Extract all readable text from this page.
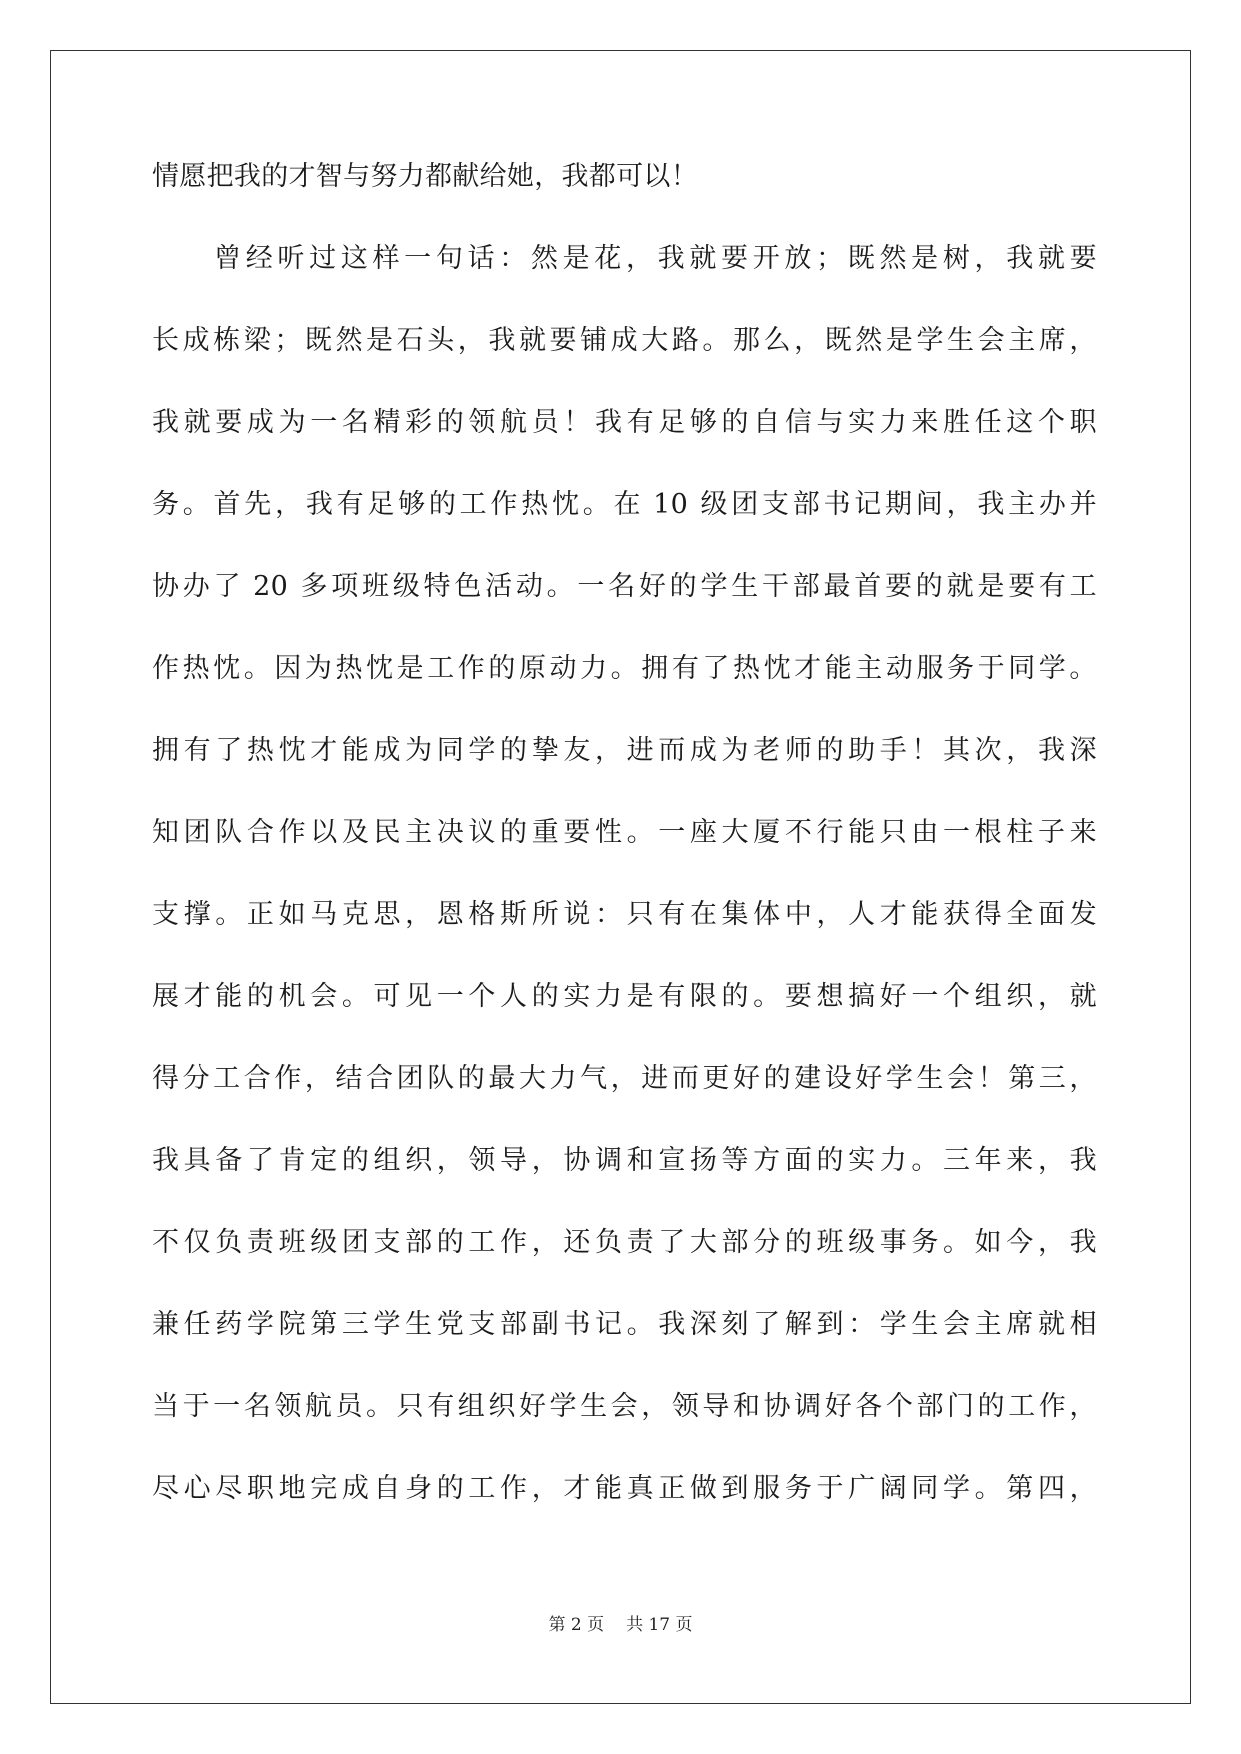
情愿把我的才智与努力都献给她，我都可以！
曾 经 听 过 这 样 一 句 话 ： 然 是 花 ， 我 就 要 开 放 ； 既 然 是 树 ， 我 就 要
长 成 栋 梁 ； 既 然 是 石 头 ， 我 就 要 铺 成 大 路 。 那 么 ， 既 然 是 学 生 会 主 席 ，
我 就 要 成 为 一 名 精 彩 的 领 航 员 ！ 我 有 足 够 的 自 信 与 实 力 来 胜 任 这 个 职
务 。 首 先 ， 我 有 足 够 的 工 作 热 忱 。 在 10 级 团 支 部 书 记 期 间 ， 我 主 办 并
协 办 了 20 多 项 班 级 特 色 活 动 。 一 名 好 的 学 生 干 部 最 首 要 的 就 是 要 有 工
作 热 忱 。 因 为 热 忱 是 工 作 的 原 动 力 。 拥 有 了 热 忱 才 能 主 动 服 务 于 同 学 。
拥 有 了 热 忱 才 能 成 为 同 学 的 挚 友 ， 进 而 成 为 老 师 的 助 手 ！ 其 次 ， 我 深
知 团 队 合 作 以 及 民 主 决 议 的 重 要 性 。 一 座 大 厦 不 行 能 只 由 一 根 柱 子 来
支 撑 。 正 如 马 克 思 ， 恩 格 斯 所 说 ： 只 有 在 集 体 中 ， 人 才 能 获 得 全 面 发
展 才 能 的 机 会 。 可 见 一 个 人 的 实 力 是 有 限 的 。 要 想 搞 好 一 个 组 织 ， 就
得 分 工 合 作 ， 结 合 团 队 的 最 大 力 气 ， 进 而 更 好 的 建 设 好 学 生 会 ！ 第 三 ，
我 具 备 了 肯 定 的 组 织 ， 领 导 ， 协 调 和 宣 扬 等 方 面 的 实 力 。 三 年 来 ， 我
不 仅 负 责 班 级 团 支 部 的 工 作 ， 还 负 责 了 大 部 分 的 班 级 事 务 。 如 今 ， 我
兼 任 药 学 院 第 三 学 生 党 支 部 副 书 记 。 我 深 刻 了 解 到 ： 学 生 会 主 席 就 相
当 于 一 名 领 航 员 。 只 有 组 织 好 学 生 会 ， 领 导 和 协 调 好 各 个 部 门 的 工 作 ，
尽 心 尽 职 地 完 成 自 身 的 工 作 ， 才 能 真 正 做 到 服 务 于 广 阔 同 学 。 第 四 ，
第 2 页 共 17 页
